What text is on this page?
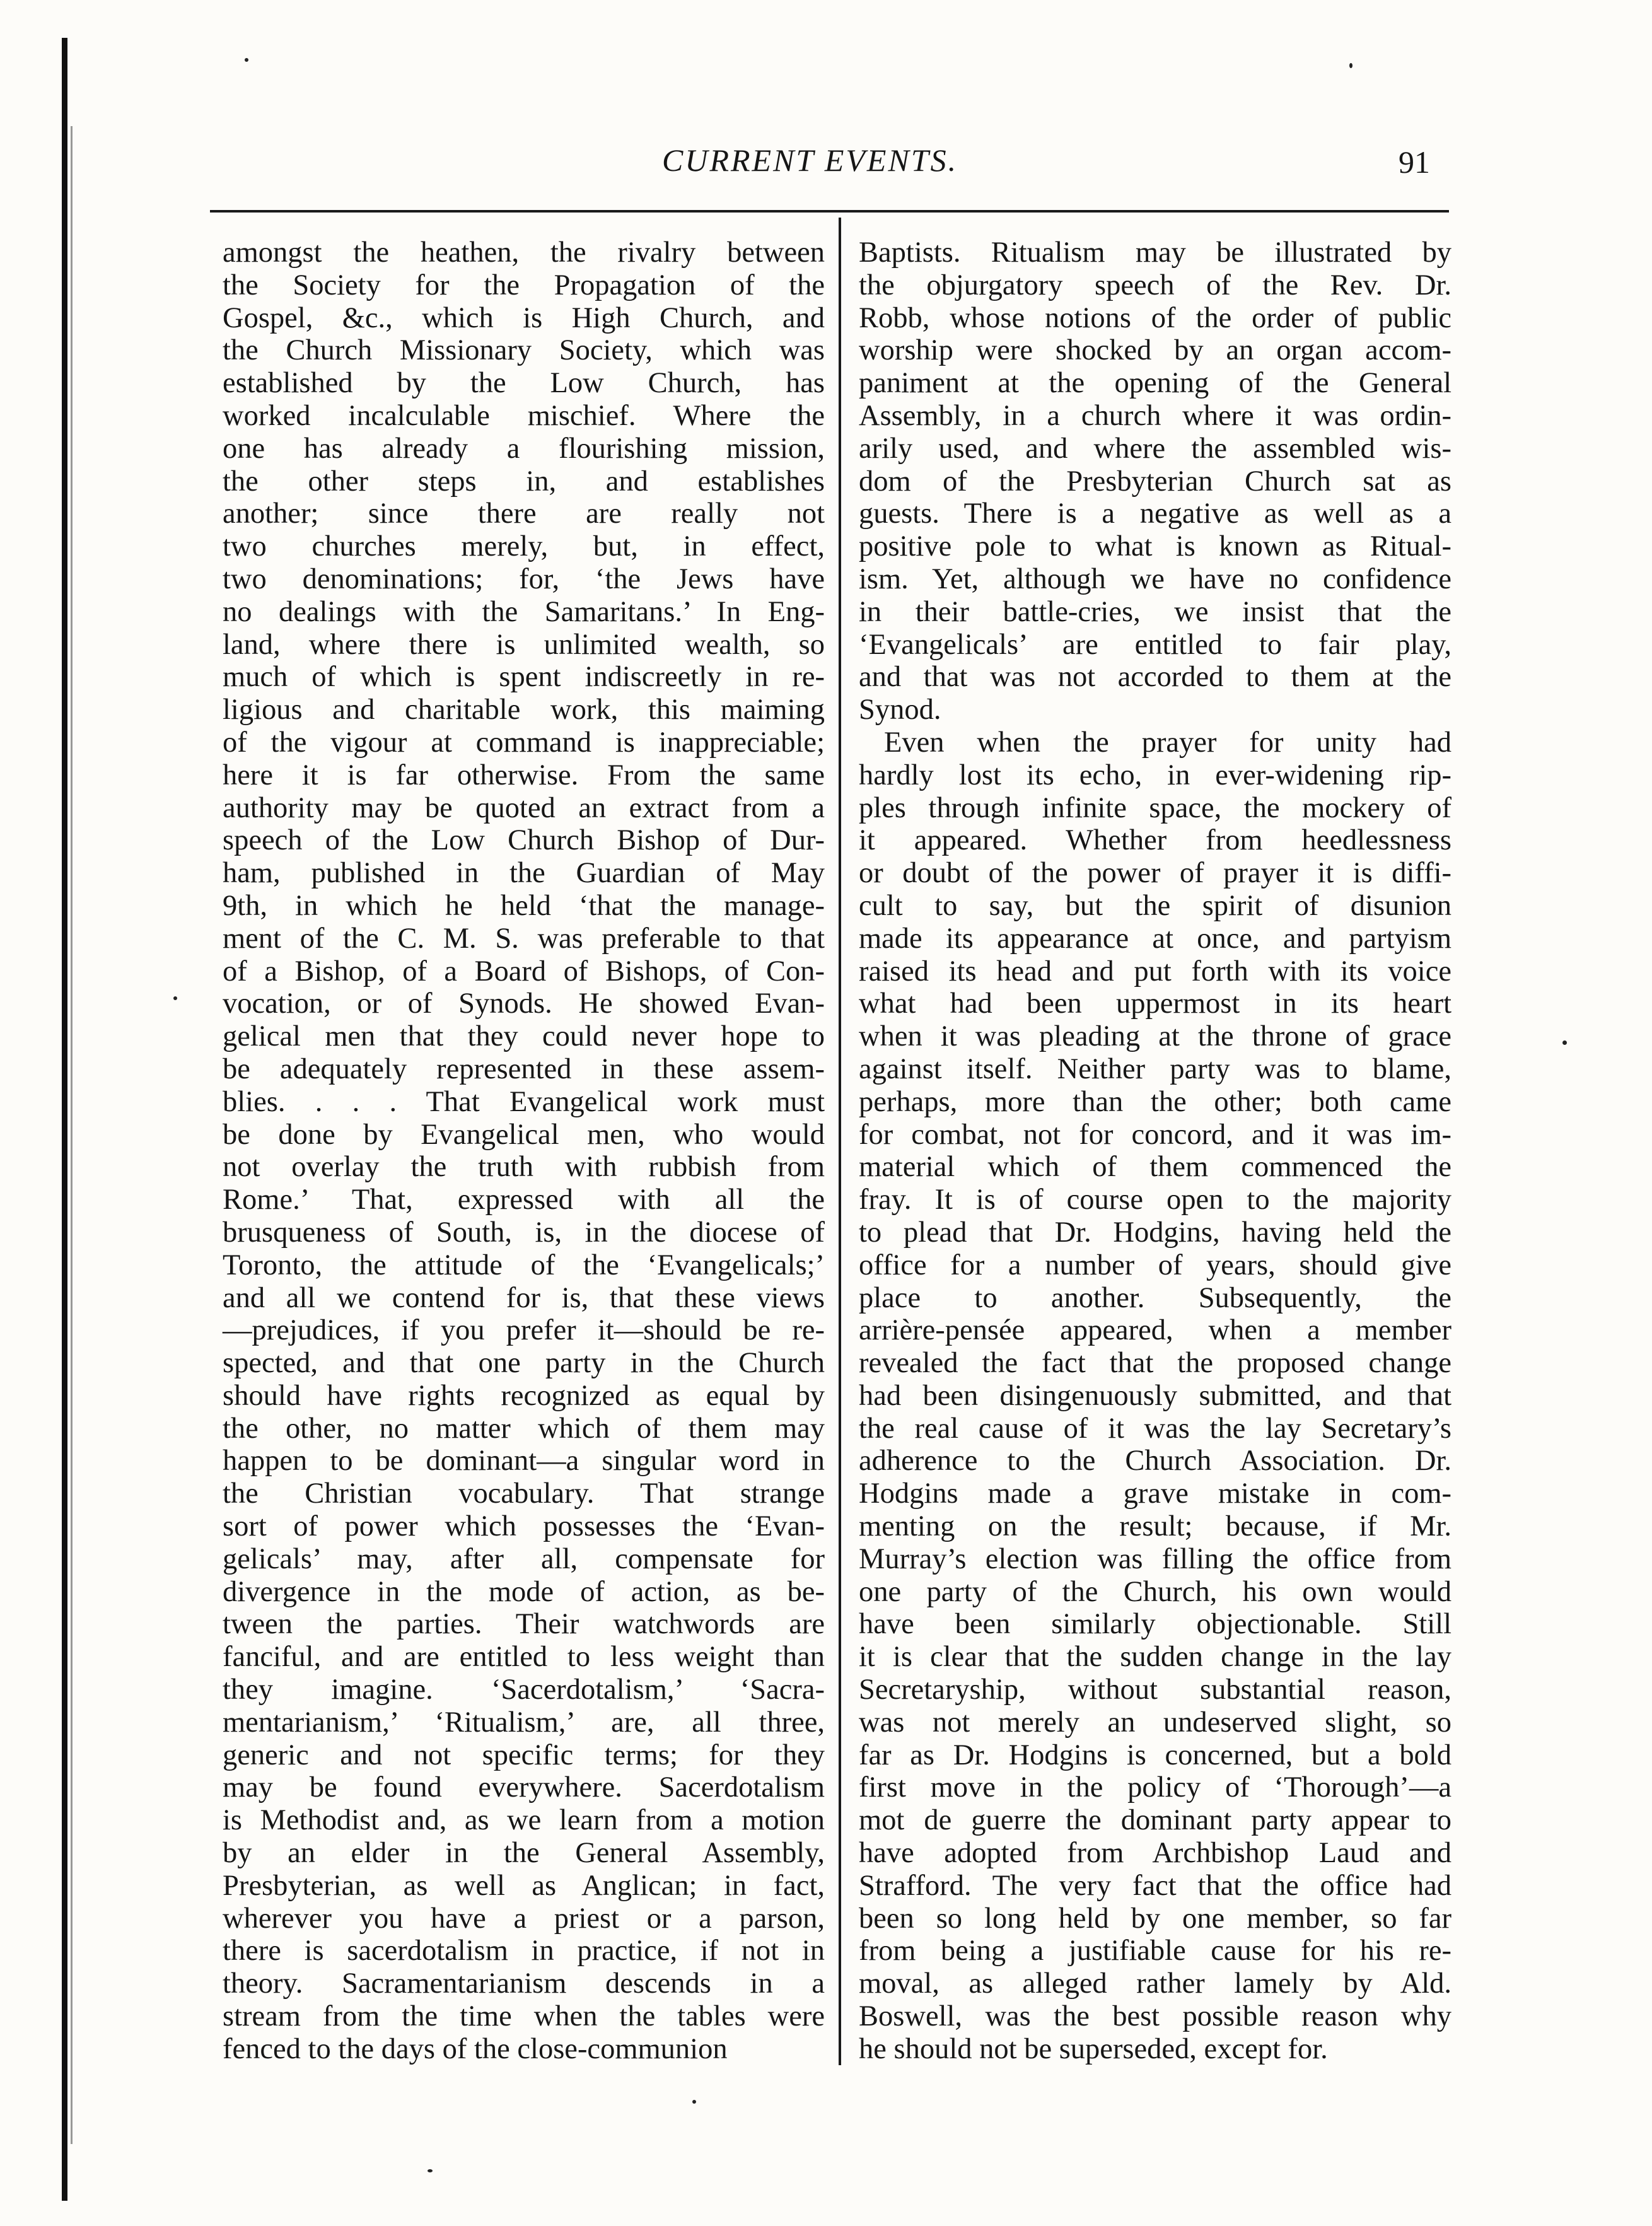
CURRENT EVENTS.	91
amongst the heathen, the rivalry between
the Society for the Propagation of the
Gospel, &c., which is High Church, and
the Church Missionary Society, which was
established by the Low Church, has
worked incalculable mischief. Where the
one has already a flourishing mission,
the other steps in, and establishes
another; since there are really not
two churches merely, but, in effect,
two denominations; for, ‘the Jews have
no dealings with the Samaritans.’ In Eng-
land, where there is unlimited wealth, so
much of which is spent indiscreetly in re-
ligious and charitable work, this maiming
of the vigour at command is inappreciable;
here it is far otherwise. From the same
authority may be quoted an extract from a
speech of the Low Church Bishop of Dur-
ham, published in the Guardian of May
9th, in which he held ‘that the manage-
ment of the C. M. S. was preferable to that
of a Bishop, of a Board of Bishops, of Con-
vocation, or of Synods. He showed Evan-
gelical men that they could never hope to
be adequately represented in these assem-
blies. . . . That Evangelical work must
be done by Evangelical men, who would
not overlay the truth with rubbish from
Rome.’ That, expressed with all the
brusqueness of South, is, in the diocese of
Toronto, the attitude of the ‘Evangelicals;’
and all we contend for is, that these views
—prejudices, if you prefer it—should be re-
spected, and that one party in the Church
should have rights recognized as equal by
the other, no matter which of them may
happen to be dominant—a singular word in
the Christian vocabulary. That strange
sort of power which possesses the ‘Evan-
gelicals’ may, after all, compensate for
divergence in the mode of action, as be-
tween the parties. Their watchwords are
fanciful, and are entitled to less weight than
they imagine. ‘Sacerdotalism,’ ‘Sacra-
mentarianism,’ ‘Ritualism,’ are, all three,
generic and not specific terms; for they
may be found everywhere. Sacerdotalism
is Methodist and, as we learn from a motion
by an elder in the General Assembly,
Presbyterian, as well as Anglican; in fact,
wherever you have a priest or a parson,
there is sacerdotalism in practice, if not in
theory. Sacramentarianism descends in a
stream from the time when the tables were
fenced to the days of the close-communion
Baptists. Ritualism may be illustrated by
the objurgatory speech of the Rev. Dr.
Robb, whose notions of the order of public
worship were shocked by an organ accom-
paniment at the opening of the General
Assembly, in a church where it was ordin-
arily used, and where the assembled wis-
dom of the Presbyterian Church sat as
guests. There is a negative as well as a
positive pole to what is known as Ritual-
ism. Yet, although we have no confidence
in their battle-cries, we insist that the
‘Evangelicals’ are entitled to fair play,
and that was not accorded to them at the
Synod.
Even when the prayer for unity had
hardly lost its echo, in ever-widening rip-
ples through infinite space, the mockery of
it appeared. Whether from heedlessness
or doubt of the power of prayer it is diffi-
cult to say, but the spirit of disunion
made its appearance at once, and partyism
raised its head and put forth with its voice
what had been uppermost in its heart
when it was pleading at the throne of grace
against itself. Neither party was to blame,
perhaps, more than the other; both came
for combat, not for concord, and it was im-
material which of them commenced the
fray. It is of course open to the majority
to plead that Dr. Hodgins, having held the
office for a number of years, should give
place to another. Subsequently, the
arrière-pensée appeared, when a member
revealed the fact that the proposed change
had been disingenuously submitted, and that
the real cause of it was the lay Secretary’s
adherence to the Church Association. Dr.
Hodgins made a grave mistake in com-
menting on the result; because, if Mr.
Murray’s election was filling the office from
one party of the Church, his own would
have been similarly objectionable. Still
it is clear that the sudden change in the lay
Secretaryship, without substantial reason,
was not merely an undeserved slight, so
far as Dr. Hodgins is concerned, but a bold
first move in the policy of ‘Thorough’—a
mot de guerre the dominant party appear to
have adopted from Archbishop Laud and
Strafford. The very fact that the office had
been so long held by one member, so far
from being a justifiable cause for his re-
moval, as alleged rather lamely by Ald.
Boswell, was the best possible reason why
he should not be superseded, except for.
